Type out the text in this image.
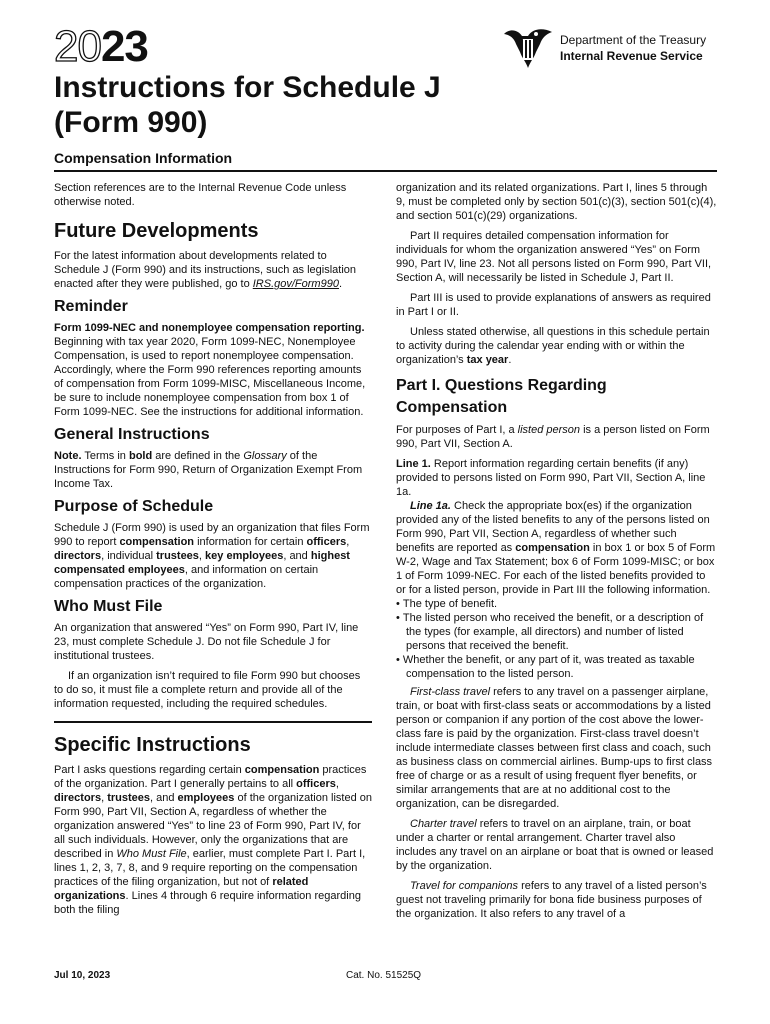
2023	Department of the Treasury
Internal Revenue Service
Instructions for Schedule J
(Form 990)
Compensation Information

Section references are to the Internal Revenue Code unless otherwise noted.

Future Developments

For the latest information about developments related to Schedule J (Form 990) and its instructions, such as legislation enacted after they were published, go to IRS.gov/Form990.

Reminder

Form 1099-NEC and nonemployee compensation reporting. Beginning with tax year 2020, Form 1099-NEC, Nonemployee Compensation, is used to report nonemployee compensation. Accordingly, where the Form 990 references reporting amounts of compensation from Form 1099-MISC, Miscellaneous Income, be sure to include nonemployee compensation from box 1 of Form 1099-NEC. See the instructions for additional information.

General Instructions

Note. Terms in bold are defined in the Glossary of the Instructions for Form 990, Return of Organization Exempt From Income Tax.

Purpose of Schedule

Schedule J (Form 990) is used by an organization that files Form 990 to report compensation information for certain officers, directors, individual trustees, key employees, and highest compensated employees, and information on certain compensation practices of the organization.

Who Must File

An organization that answered “Yes” on Form 990, Part IV, line 23, must complete Schedule J. Do not file Schedule J for institutional trustees.

If an organization isn’t required to file Form 990 but chooses to do so, it must file a complete return and provide all of the information requested, including the required schedules.

Specific Instructions

Part I asks questions regarding certain compensation practices of the organization. Part I generally pertains to all officers, directors, trustees, and employees of the organization listed on Form 990, Part VII, Section A, regardless of whether the organization answered “Yes” to line 23 of Form 990, Part IV, for all such individuals. However, only the organizations that are described in Who Must File, earlier, must complete Part I. Part I, lines 1, 2, 3, 7, 8, and 9 require reporting on the compensation practices of the filing organization, but not of related organizations. Lines 4 through 6 require information regarding both the filing

organization and its related organizations. Part I, lines 5 through 9, must be completed only by section 501(c)(3), section 501(c)(4), and section 501(c)(29) organizations.

Part II requires detailed compensation information for individuals for whom the organization answered “Yes” on Form 990, Part IV, line 23. Not all persons listed on Form 990, Part VII, Section A, will necessarily be listed in Schedule J, Part II.

Part III is used to provide explanations of answers as required in Part I or II.

Unless stated otherwise, all questions in this schedule pertain to activity during the calendar year ending with or within the organization’s tax year.

Part I. Questions Regarding Compensation

For purposes of Part I, a listed person is a person listed on Form 990, Part VII, Section A.

Line 1. Report information regarding certain benefits (if any) provided to persons listed on Form 990, Part VII, Section A, line 1a.

Line 1a. Check the appropriate box(es) if the organization provided any of the listed benefits to any of the persons listed on Form 990, Part VII, Section A, regardless of whether such benefits are reported as compensation in box 1 or box 5 of Form W-2, Wage and Tax Statement; box 6 of Form 1099-MISC; or box 1 of Form 1099-NEC. For each of the listed benefits provided to or for a listed person, provide in Part III the following information.

• The type of benefit.

• The listed person who received the benefit, or a description of the types (for example, all directors) and number of listed persons that received the benefit.

• Whether the benefit, or any part of it, was treated as taxable compensation to the listed person.

First-class travel refers to any travel on a passenger airplane, train, or boat with first-class seats or accommodations by a listed person or companion if any portion of the cost above the lower-class fare is paid by the organization. First-class travel doesn’t include intermediate classes between first class and coach, such as business class on commercial airlines. Bump-ups to first class free of charge or as a result of using frequent flyer benefits, or similar arrangements that are at no additional cost to the organization, can be disregarded.

Charter travel refers to travel on an airplane, train, or boat under a charter or rental arrangement. Charter travel also includes any travel on an airplane or boat that is owned or leased by the organization.

Travel for companions refers to any travel of a listed person’s guest not traveling primarily for bona fide business purposes of the organization. It also refers to any travel of a

Jul 10, 2023	Cat. No. 51525Q
